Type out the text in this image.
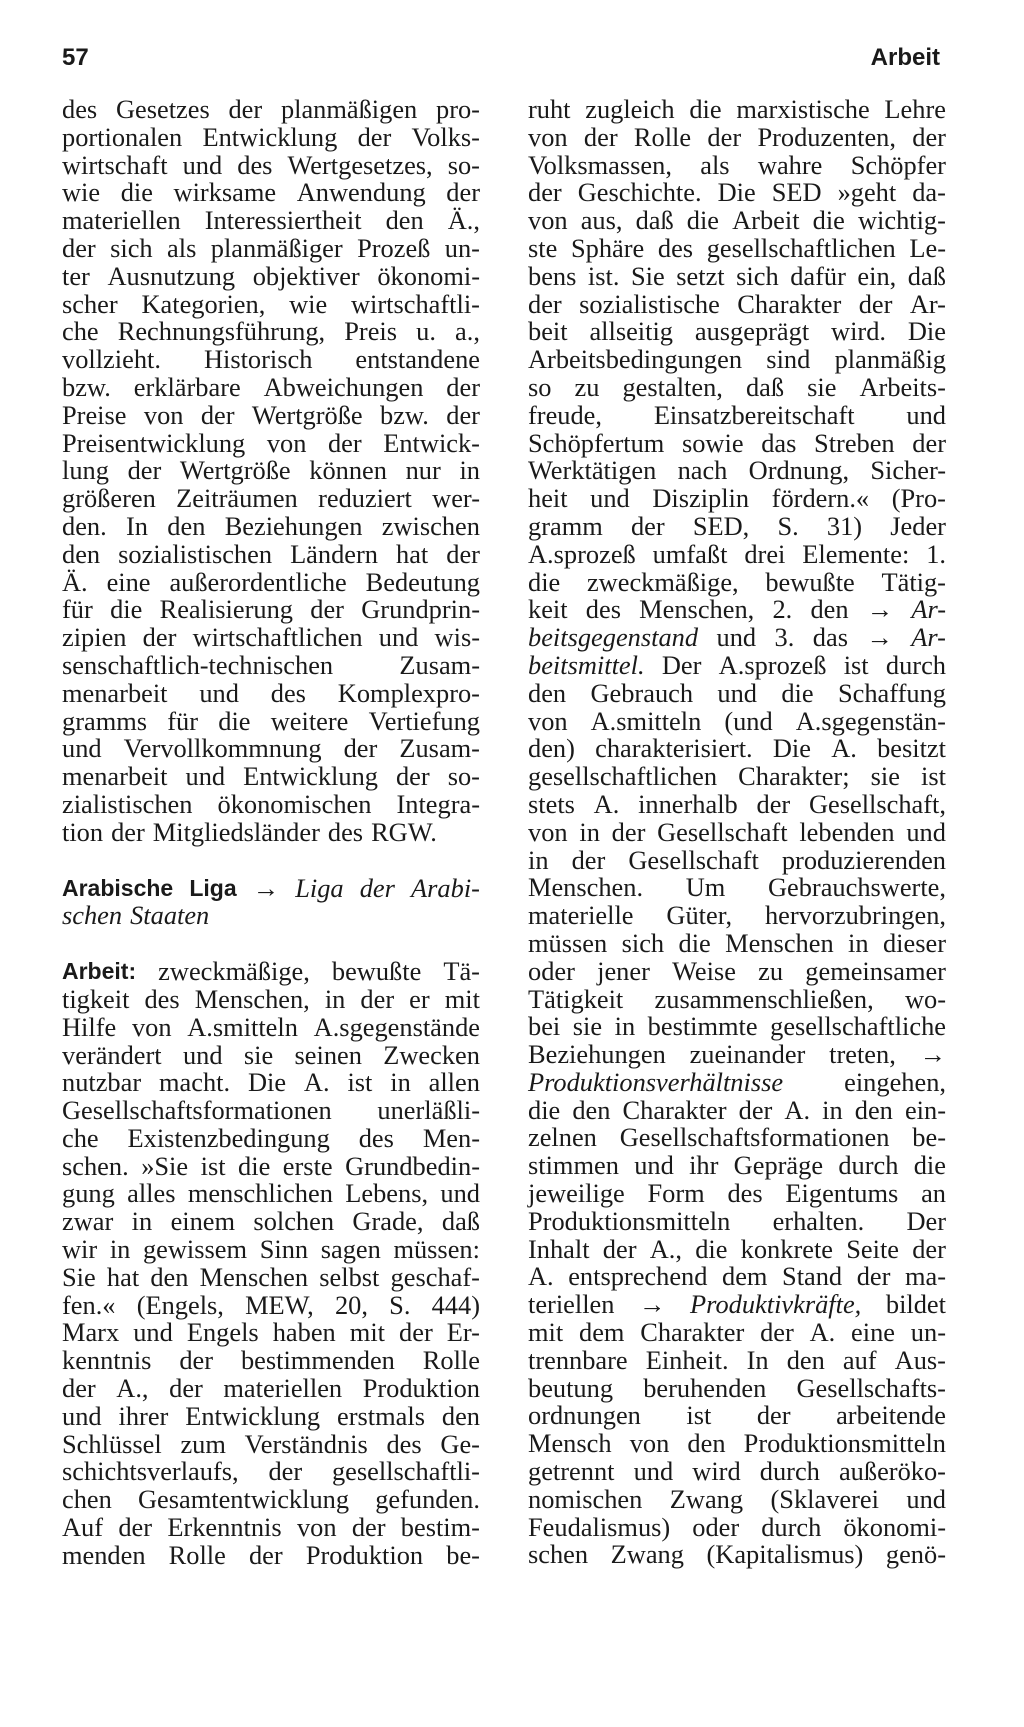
57	Arbeit
des Gesetzes der planmäßigen pro-
portionalen Entwicklung der Volks-
wirtschaft und des Wertgesetzes, so-
wie die wirksame Anwendung der
materiellen Interessiertheit den Ä.,
der sich als planmäßiger Prozeß un-
ter Ausnutzung objektiver ökonomi-
scher Kategorien, wie wirtschaftli-
che Rechnungsführung, Preis u. a.,
vollzieht. Historisch entstandene
bzw. erklärbare Abweichungen der
Preise von der Wertgröße bzw. der
Preisentwicklung von der Entwick-
lung der Wertgröße können nur in
größeren Zeiträumen reduziert wer-
den. In den Beziehungen zwischen
den sozialistischen Ländern hat der
Ä. eine außerordentliche Bedeutung
für die Realisierung der Grundprin-
zipien der wirtschaftlichen und wis-
senschaftlich-technischen	Zusam-
menarbeit und des Komplexpro-
gramms für die weitere Vertiefung
und Vervollkommnung der Zusam-
menarbeit und Entwicklung der so-
zialistischen ökonomischen Integra-
tion der Mitgliedsländer des RGW.
Arabische Liga → Liga der Arabi-
schen Staaten
Arbeit: zweckmäßige, bewußte Tä-
tigkeit des Menschen, in der er mit
Hilfe von A.smitteln A.sgegenstände
verändert und sie seinen Zwecken
nutzbar macht. Die A. ist in allen
Gesellschaftsformationen unerläßli-
che Existenzbedingung des Men-
schen. »Sie ist die erste Grundbedin-
gung alles menschlichen Lebens, und
zwar in einem solchen Grade, daß
wir in gewissem Sinn sagen müssen:
Sie hat den Menschen selbst geschaf-
fen.« (Engels, MEW, 20, S. 444)
Marx und Engels haben mit der Er-
kenntnis der bestimmenden Rolle
der A., der materiellen Produktion
und ihrer Entwicklung erstmals den
Schlüssel zum Verständnis des Ge-
schichtsverlaufs, der gesellschaftli-
chen Gesamtentwicklung gefunden.
Auf der Erkenntnis von der bestim-
menden Rolle der Produktion be-
ruht zugleich die marxistische Lehre
von der Rolle der Produzenten, der
Volksmassen, als wahre Schöpfer
der Geschichte. Die SED »geht da-
von aus, daß die Arbeit die wichtig-
ste Sphäre des gesellschaftlichen Le-
bens ist. Sie setzt sich dafür ein, daß
der sozialistische Charakter der Ar-
beit allseitig ausgeprägt wird. Die
Arbeitsbedingungen sind planmäßig
so zu gestalten, daß sie Arbeits-
freude, Einsatzbereitschaft und
Schöpfertum sowie das Streben der
Werktätigen nach Ordnung, Sicher-
heit und Disziplin fördern.« (Pro-
gramm der SED, S. 31) Jeder
A.sprozeß umfaßt drei Elemente: 1.
die zweckmäßige, bewußte Tätig-
keit des Menschen, 2. den → Ar-
beitsgegenstand und 3. das → Ar-
beitsmittel. Der A.sprozeß ist durch
den Gebrauch und die Schaffung
von A.smitteln (und A.sgegenstän-
den) charakterisiert. Die A. besitzt
gesellschaftlichen Charakter; sie ist
stets A. innerhalb der Gesellschaft,
von in der Gesellschaft lebenden und
in der Gesellschaft produzierenden
Menschen. Um Gebrauchswerte,
materielle Güter, hervorzubringen,
müssen sich die Menschen in dieser
oder jener Weise zu gemeinsamer
Tätigkeit zusammenschließen, wo-
bei sie in bestimmte gesellschaftliche
Beziehungen zueinander treten, →
Produktionsverhältnisse eingehen,
die den Charakter der A. in den ein-
zelnen Gesellschaftsformationen be-
stimmen und ihr Gepräge durch die
jeweilige Form des Eigentums an
Produktionsmitteln erhalten. Der
Inhalt der A., die konkrete Seite der
A. entsprechend dem Stand der ma-
teriellen → Produktivkräfte, bildet
mit dem Charakter der A. eine un-
trennbare Einheit. In den auf Aus-
beutung beruhenden Gesellschafts-
ordnungen ist der arbeitende
Mensch von den Produktionsmitteln
getrennt und wird durch außeröko-
nomischen Zwang (Sklaverei und
Feudalismus) oder durch ökonomi-
schen Zwang (Kapitalismus) genö-
